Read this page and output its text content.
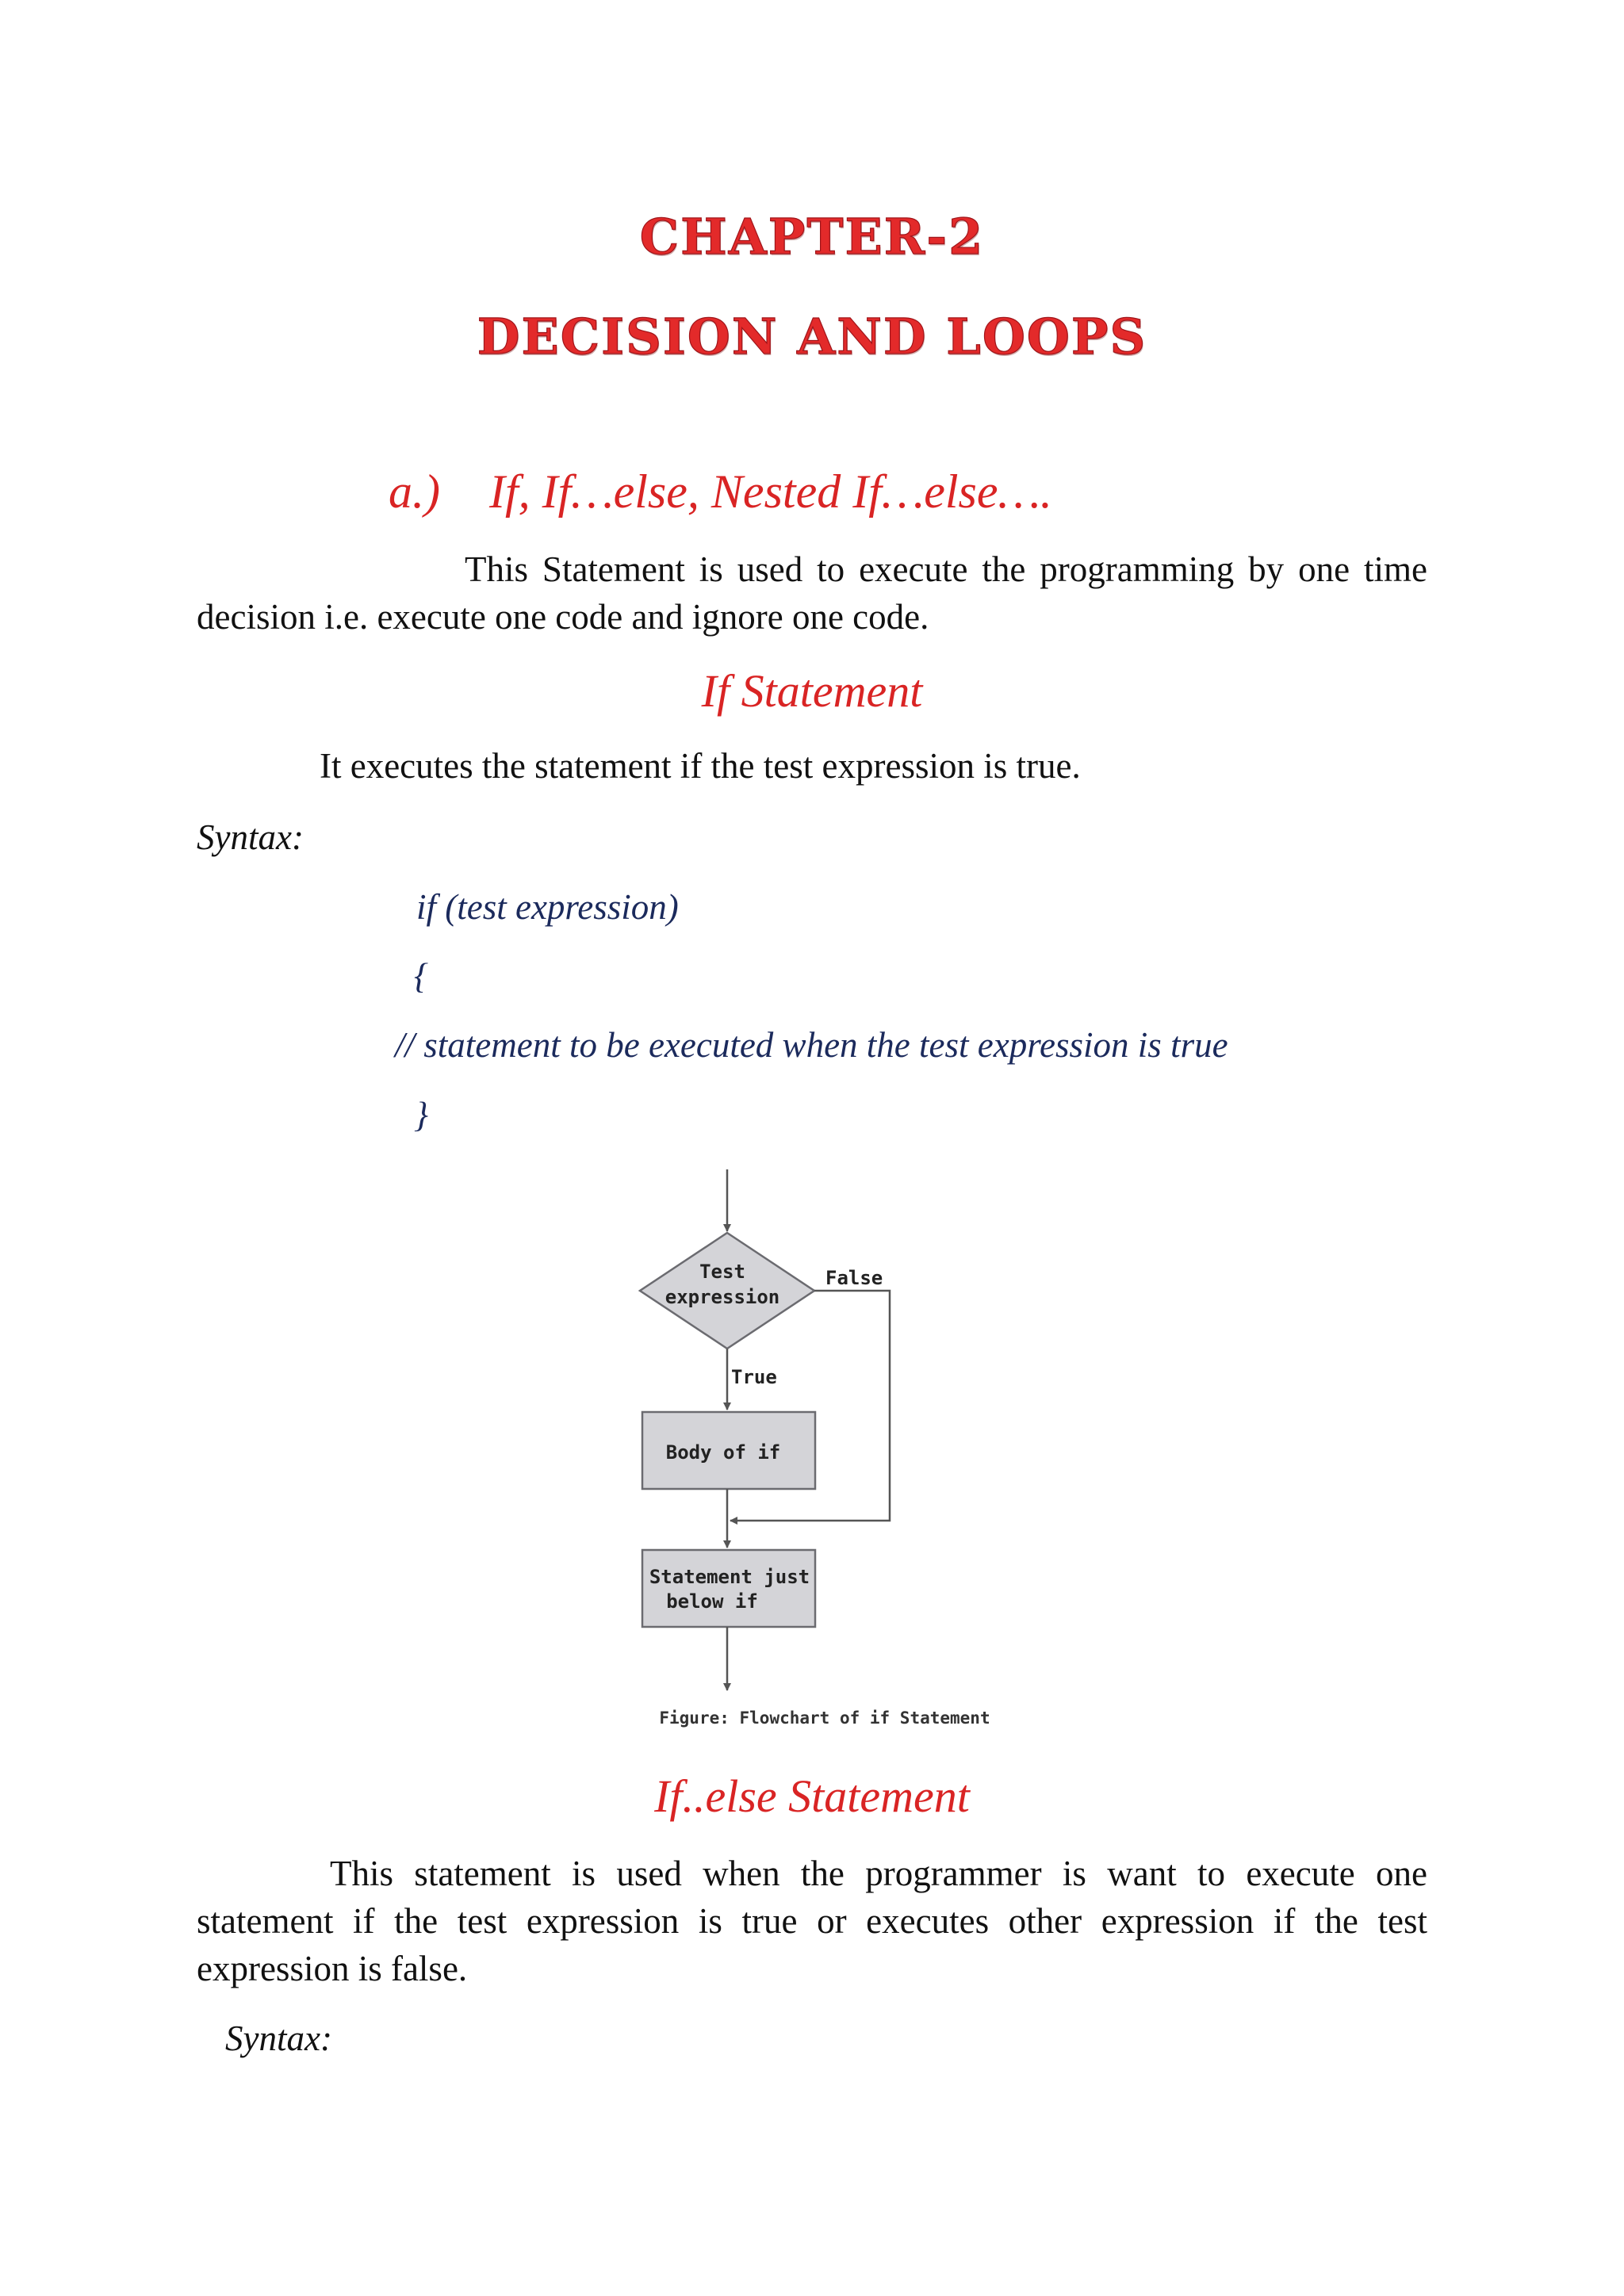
CHAPTER-2
DECISION AND LOOPS
a.) If, If…else, Nested If…else….
This Statement is used to execute the programming by one time decision i.e. execute one code and ignore one code.
If Statement
It executes the statement if the test expression is true.
Syntax:
if (test expression)
{
// statement to be executed when the test expression is true
}
Test
expression
False
True
Body of if
Statement just
below if
Figure: Flowchart of if Statement
If..else Statement
This statement is used when the programmer is want to execute one statement if the test expression is true or executes other expression if the test expression is false.
Syntax:
